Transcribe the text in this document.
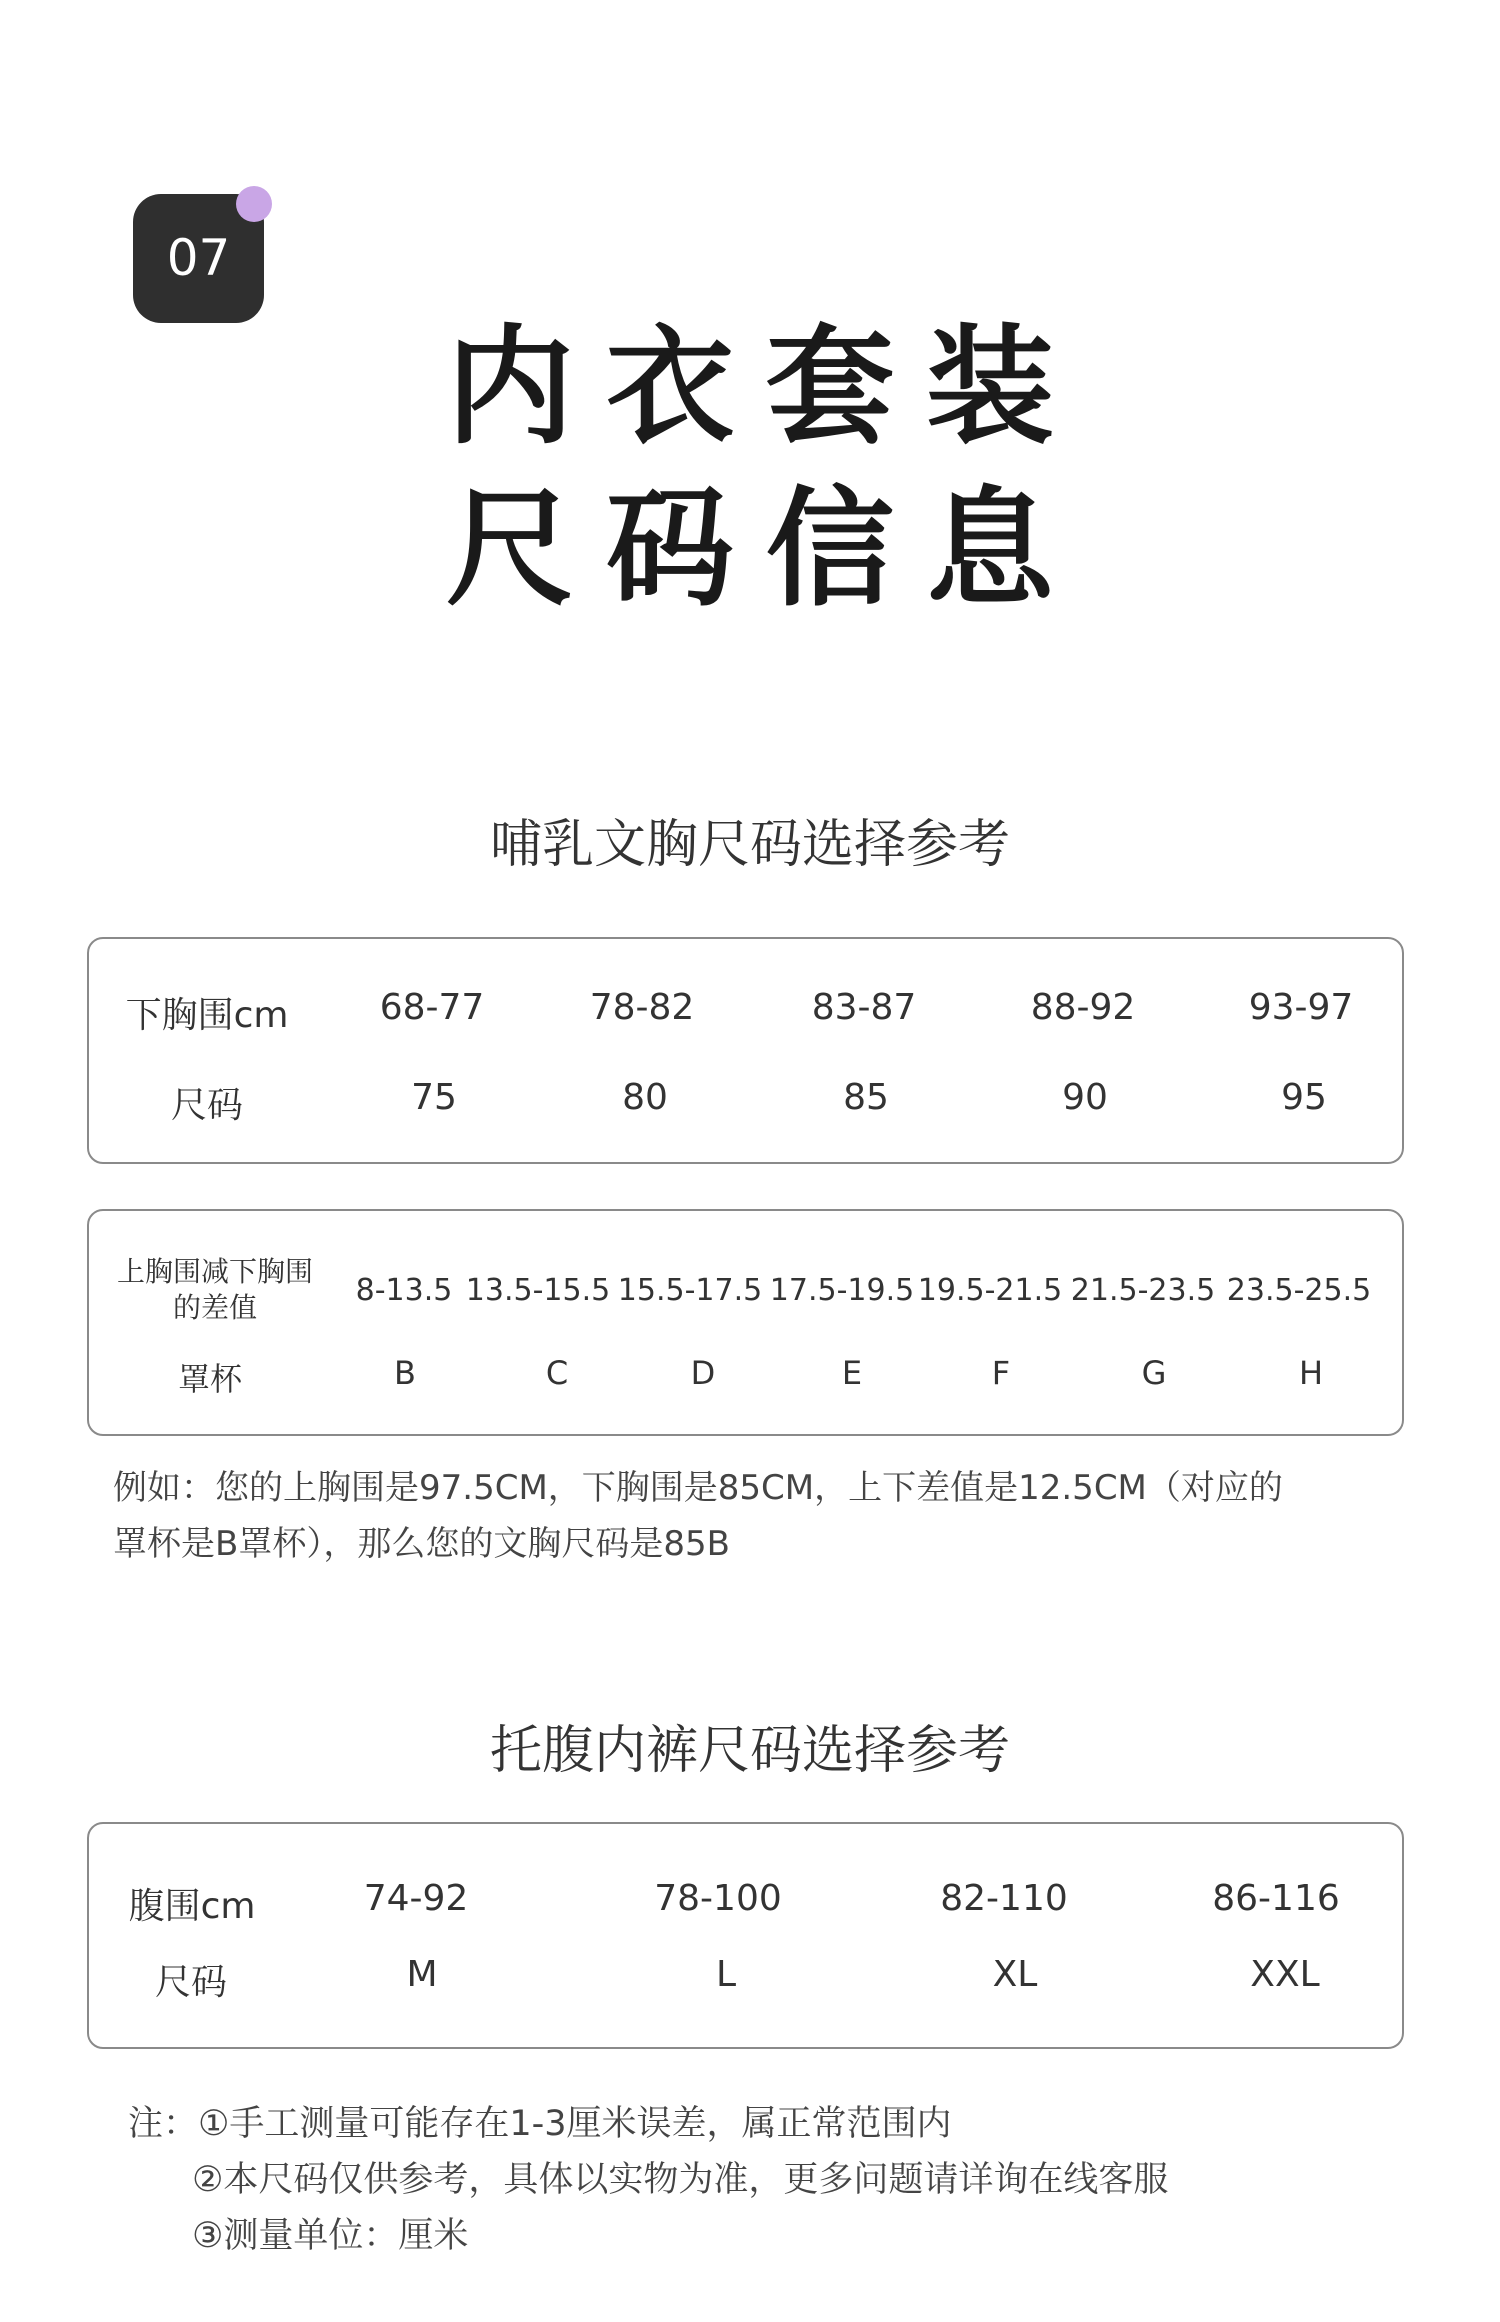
07
内衣套装
尺码信息
哺乳文胸尺码选择参考
下胸围cm	68-77	78-82	83-87	88-92	93-97
尺码	75	80	85	90	95
上胸围减下胸围
的差值	8-13.5 13.5-15.5 15.5-17.5 17.5-19.5 19.5-21.5 21.5-23.5 23.5-25.5
罩杯	B	C	D	E	F	G	H
例如：您的上胸围是97.5CM，下胸围是85CM，上下差值是12.5CM（对应的
罩杯是B罩杯），那么您的文胸尺码是85B
托腹内裤尺码选择参考
腹围cm	74-92	78-100	82-110	86-116
尺码	M	L	XL	XXL
注：①手工测量可能存在1-3厘米误差，属正常范围内
②本尺码仅供参考，具体以实物为准，更多问题请详询在线客服
③测量单位：厘米
